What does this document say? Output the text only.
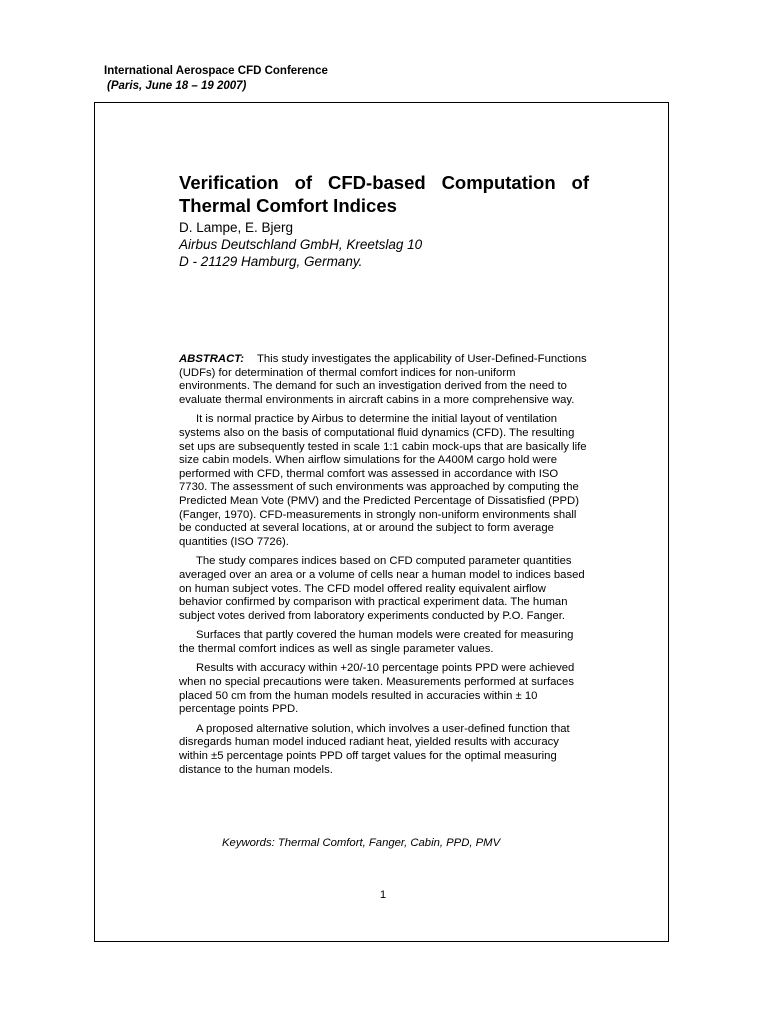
International Aerospace CFD Conference
(Paris, June 18 – 19 2007)
Verification of CFD-based Computation of Thermal Comfort Indices
D. Lampe, E. Bjerg
Airbus Deutschland GmbH, Kreetslag 10
D - 21129 Hamburg, Germany.

ABSTRACT: This study investigates the applicability of User-Defined-Functions (UDFs) for determination of thermal comfort indices for non-uniform environments. The demand for such an investigation derived from the need to evaluate thermal environments in aircraft cabins in a more comprehensive way.

It is normal practice by Airbus to determine the initial layout of ventilation systems also on the basis of computational fluid dynamics (CFD). The resulting set ups are subsequently tested in scale 1:1 cabin mock-ups that are basically life size cabin models. When airflow simulations for the A400M cargo hold were performed with CFD, thermal comfort was assessed in accordance with ISO 7730. The assessment of such environments was approached by computing the Predicted Mean Vote (PMV) and the Predicted Percentage of Dissatisfied (PPD) (Fanger, 1970). CFD-measurements in strongly non-uniform environments shall be conducted at several locations, at or around the subject to form average quantities (ISO 7726).

The study compares indices based on CFD computed parameter quantities averaged over an area or a volume of cells near a human model to indices based on human subject votes. The CFD model offered reality equivalent airflow behavior confirmed by comparison with practical experiment data. The human subject votes derived from laboratory experiments conducted by P.O. Fanger.

Surfaces that partly covered the human models were created for measuring the thermal comfort indices as well as single parameter values.

Results with accuracy within +20/-10 percentage points PPD were achieved when no special precautions were taken. Measurements performed at surfaces placed 50 cm from the human models resulted in accuracies within ± 10 percentage points PPD.

A proposed alternative solution, which involves a user-defined function that disregards human model induced radiant heat, yielded results with accuracy within ±5 percentage points PPD off target values for the optimal measuring distance to the human models.

Keywords: Thermal Comfort, Fanger, Cabin, PPD, PMV
1
